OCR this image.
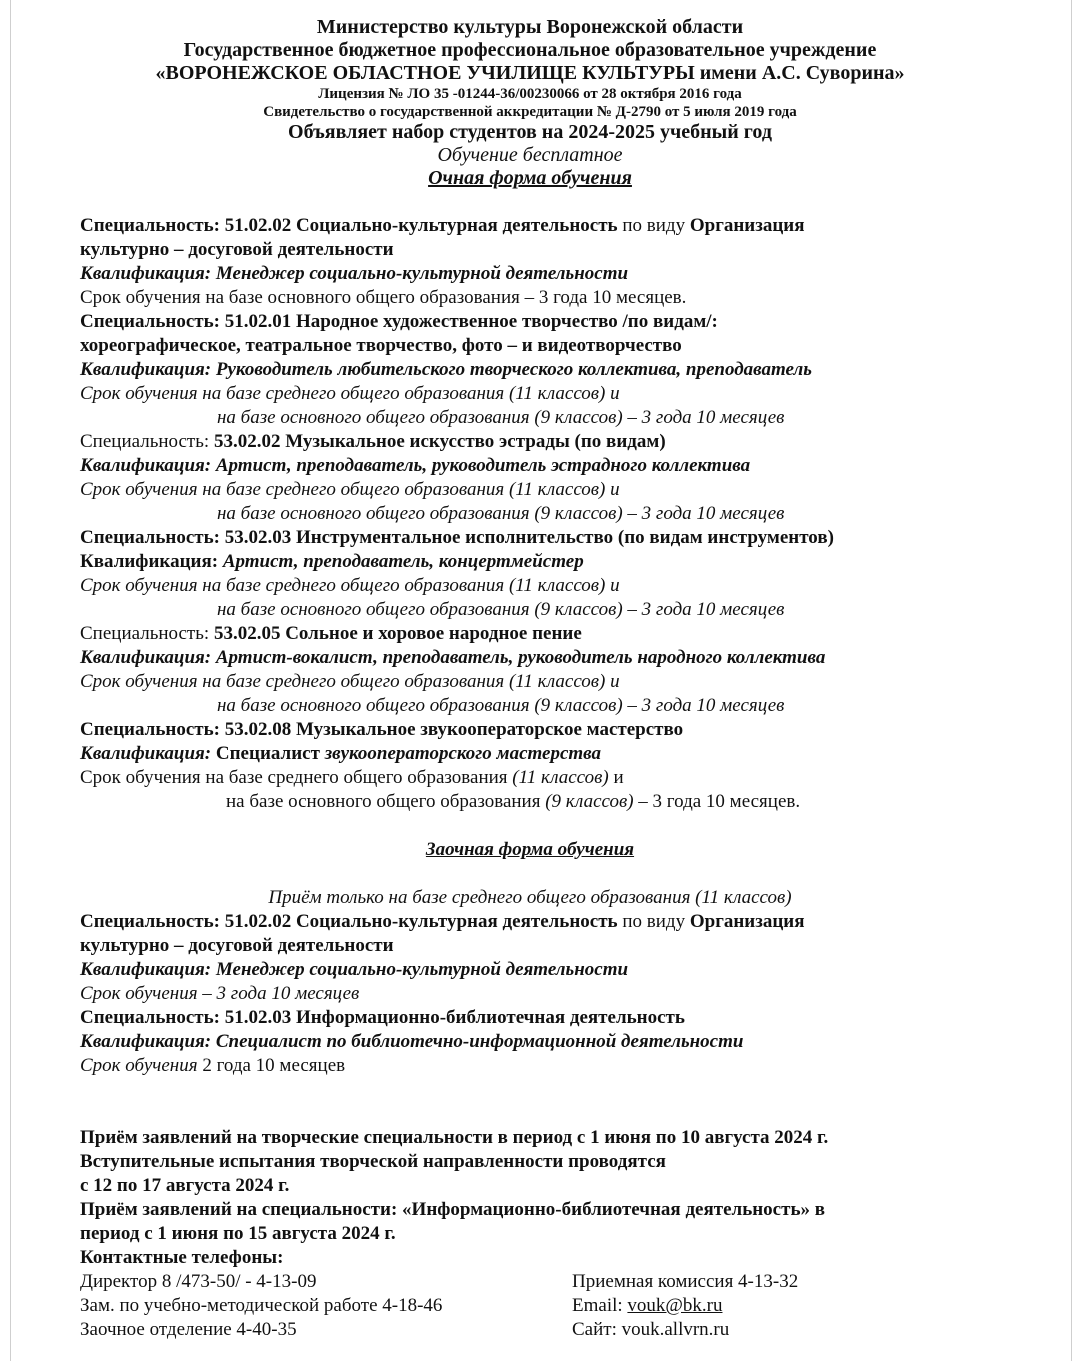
Министерство культуры Воронежской области
Государственное бюджетное профессиональное образовательное учреждение
«ВОРОНЕЖСКОЕ ОБЛАСТНОЕ УЧИЛИЩЕ КУЛЬТУРЫ имени А.С. Суворина»
Лицензия № ЛО 35 -01244-36/00230066 от 28 октября 2016 года
Свидетельство о государственной аккредитации № Д-2790 от 5 июля 2019 года
Объявляет набор студентов на 2024-2025 учебный год
Обучение бесплатное
Очная форма обучения
Специальность: 51.02.02 Социально-культурная деятельность по виду Организация
культурно – досуговой деятельности
Квалификация: Менеджер социально-культурной деятельности
Срок обучения на базе основного общего образования – 3 года 10 месяцев.
Специальность: 51.02.01 Народное художественное творчество /по видам/:
хореографическое, театральное творчество, фото – и видеотворчество
Квалификация: Руководитель любительского творческого коллектива, преподаватель
Срок обучения на базе среднего общего образования (11 классов) и
на базе основного общего образования (9 классов) – 3 года 10 месяцев
Специальность: 53.02.02 Музыкальное искусство эстрады (по видам)
Квалификация: Артист, преподаватель, руководитель эстрадного коллектива
Срок обучения на базе среднего общего образования (11 классов) и
на базе основного общего образования (9 классов) – 3 года 10 месяцев
Специальность: 53.02.03 Инструментальное исполнительство (по видам инструментов)
Квалификация: Артист, преподаватель, концертмейстер
Срок обучения на базе среднего общего образования (11 классов) и
на базе основного общего образования (9 классов) – 3 года 10 месяцев
Специальность: 53.02.05 Сольное и хоровое народное пение
Квалификация: Артист-вокалист, преподаватель, руководитель народного коллектива
Срок обучения на базе среднего общего образования (11 классов) и
на базе основного общего образования (9 классов) – 3 года 10 месяцев
Специальность: 53.02.08 Музыкальное звукооператорское мастерство
Квалификация: Специалист звукооператорского мастерства
Срок обучения на базе среднего общего образования (11 классов) и
на базе основного общего образования (9 классов) – 3 года 10 месяцев.
Заочная форма обучения
Приём только на базе среднего общего образования (11 классов)
Специальность: 51.02.02 Социально-культурная деятельность по виду Организация
культурно – досуговой деятельности
Квалификация: Менеджер социально-культурной деятельности
Срок обучения – 3 года 10 месяцев
Специальность: 51.02.03 Информационно-библиотечная деятельность
Квалификация: Специалист по библиотечно-информационной деятельности
Срок обучения 2 года 10 месяцев
Приём заявлений на творческие специальности в период с 1 июня по 10 августа 2024 г.
Вступительные испытания творческой направленности проводятся
с 12 по 17 августа 2024 г.
Приём заявлений на специальности: «Информационно-библиотечная деятельность» в
период с 1 июня по 15 августа 2024 г.
Контактные телефоны:
Директор 8 /473-50/ - 4-13-09	Приемная комиссия 4-13-32
Зам. по учебно-методической работе 4-18-46	Email: vouk@bk.ru
Заочное отделение 4-40-35	Сайт: vouk.allvrn.ru
